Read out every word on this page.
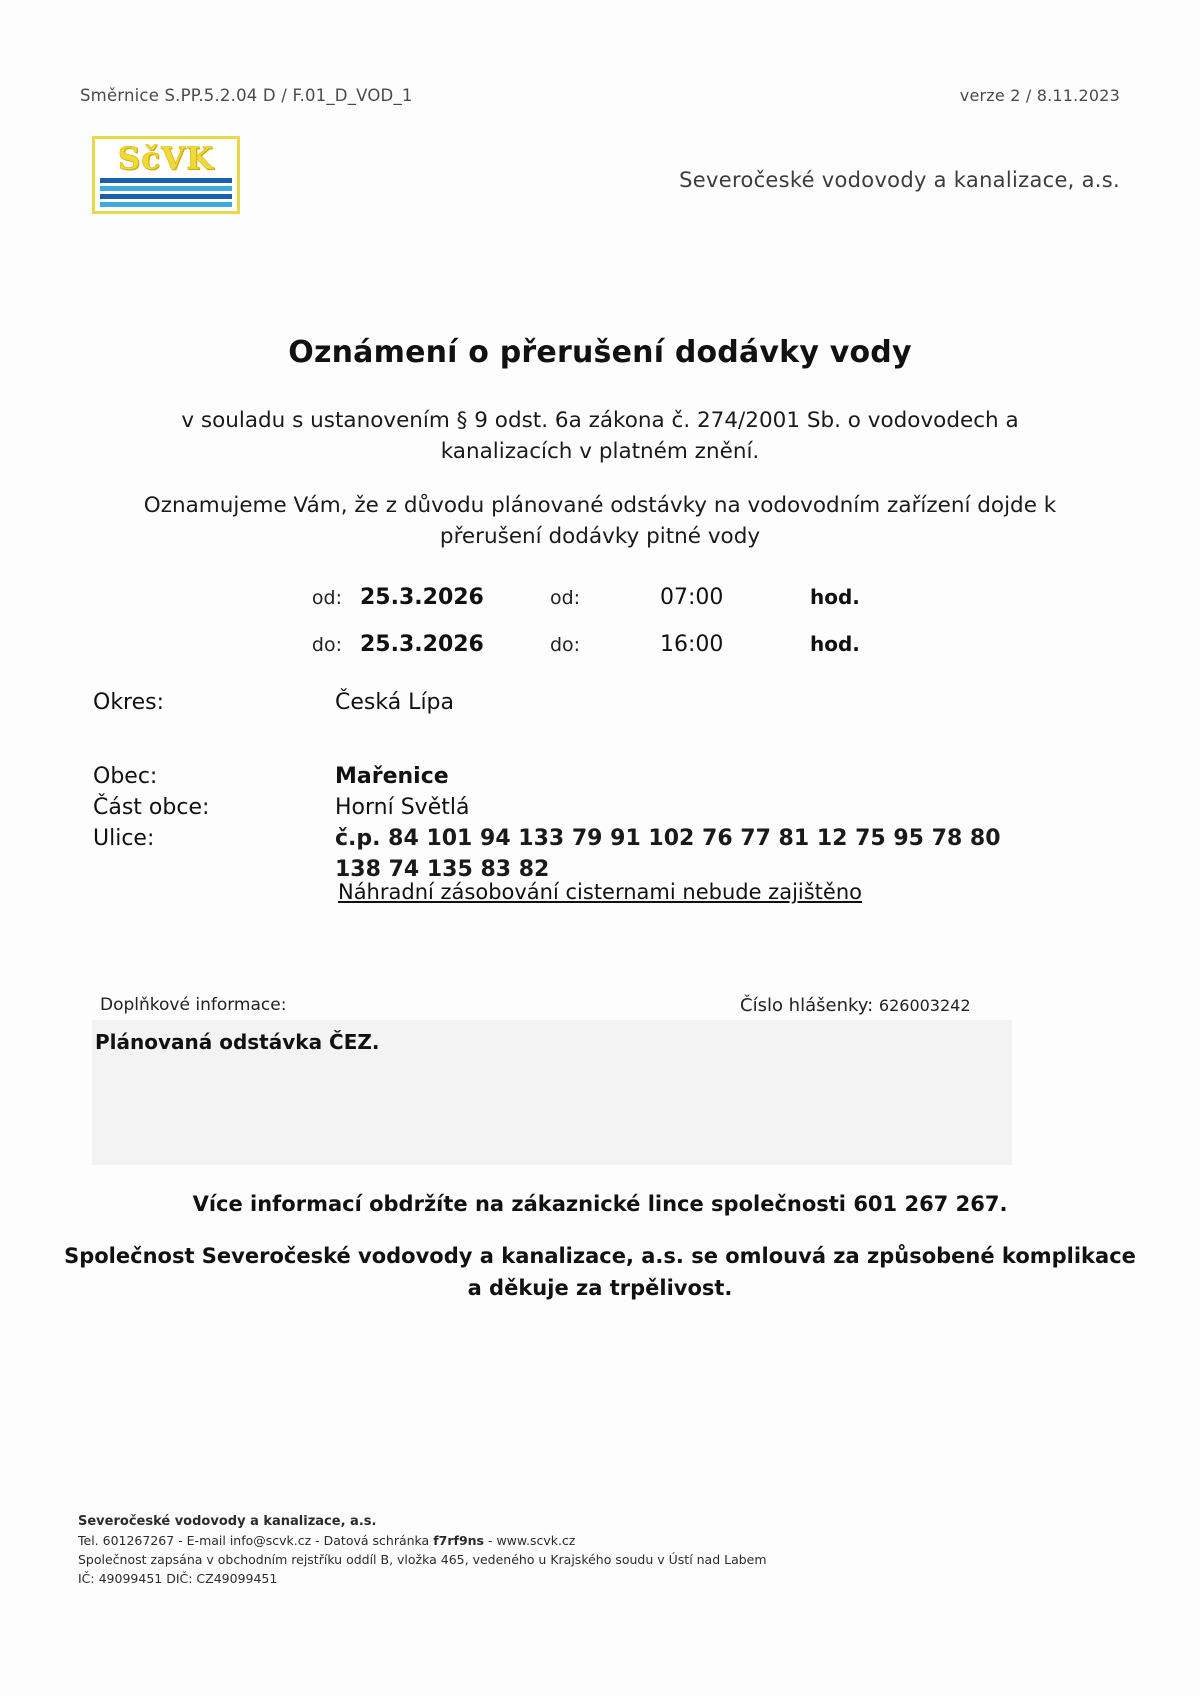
Směrnice S.PP.5.2.04 D / F.01_D_VOD_1	verze 2 / 8.11.2023
SčVK
Severočeské vodovody a kanalizace, a.s.
Oznámení o přerušení dodávky vody
v souladu s ustanovením § 9 odst. 6a zákona č. 274/2001 Sb. o vodovodech a kanalizacích v platném znění.
Oznamujeme Vám, že z důvodu plánované odstávky na vodovodním zařízení dojde k přerušení dodávky pitné vody
od: 25.3.2026	od:	07:00	hod.
do: 25.3.2026	do:	16:00	hod.
Okres:	Česká Lípa
Obec:	Mařenice
Část obce:	Horní Světlá
Ulice:	č.p. 84 101 94 133 79 91 102 76 77 81 12 75 95 78 80 138 74 135 83 82
Náhradní zásobování cisternami nebude zajištěno
Doplňkové informace:	Číslo hlášenky: 626003242
Plánovaná odstávka ČEZ.
Více informací obdržíte na zákaznické lince společnosti 601 267 267.
Společnost Severočeské vodovody a kanalizace, a.s. se omlouvá za způsobené komplikace a děkuje za trpělivost.
Severočeské vodovody a kanalizace, a.s.
Tel. 601267267 - E-mail info@scvk.cz - Datová schránka f7rf9ns - www.scvk.cz
Společnost zapsána v obchodním rejstříku oddíl B, vložka 465, vedeného u Krajského soudu v Ústí nad Labem
IČ: 49099451 DIČ: CZ49099451
